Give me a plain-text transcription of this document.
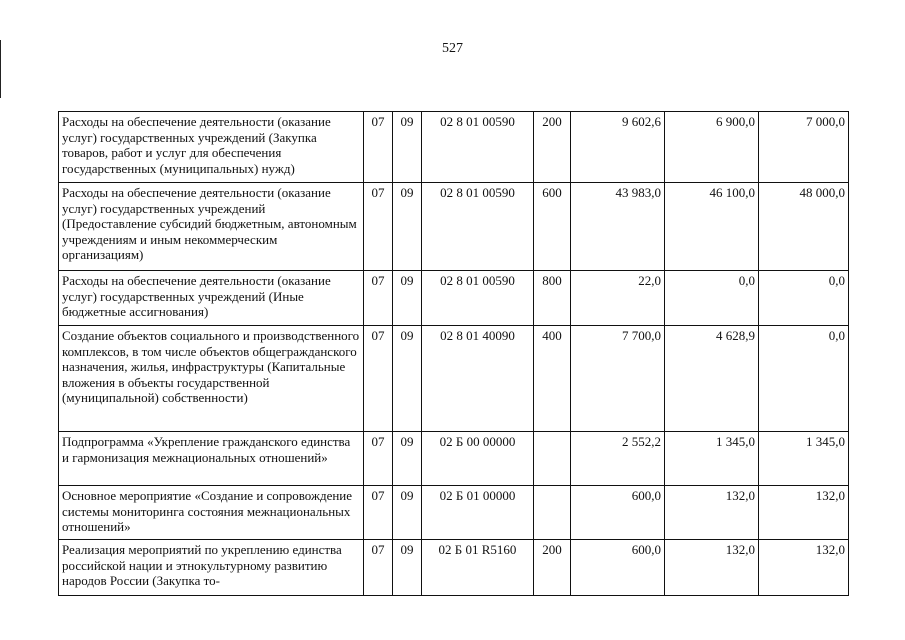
527
Расходы на обеспечение деятельности (оказание услуг) государственных учреждений (Закупка товаров, работ и услуг для обеспечения государственных (муниципальных) нужд)	07	09	02 8 01 00590	200	9 602,6	6 900,0	7 000,0

Расходы на обеспечение деятельности (оказание услуг) государственных учреждений (Предоставление субсидий бюджетным, автономным учреждениям и иным некоммерческим организациям)	07	09	02 8 01 00590	600	43 983,0	46 100,0	48 000,0

Расходы на обеспечение деятельности (оказание услуг) государственных учреждений (Иные бюджетные ассигнования)	07	09	02 8 01 00590	800	22,0	0,0	0,0

Создание объектов социального и производственного комплексов, в том числе объектов общегражданского назначения, жилья, инфраструктуры (Капитальные вложения в объекты государственной (муниципальной) собственности)	07	09	02 8 01 40090	400	7 700,0	4 628,9	0,0

Подпрограмма «Укрепление гражданского единства и гармонизация межнациональных отношений»	07	09	02 Б 00 00000		2 552,2	1 345,0	1 345,0

Основное мероприятие «Создание и сопровождение системы мониторинга состояния межнациональных отношений»	07	09	02 Б 01 00000		600,0	132,0	132,0

Реализация мероприятий по укреплению единства российской нации и этнокультурному развитию народов России (Закупка то-	07	09	02 Б 01 R5160	200	600,0	132,0	132,0
